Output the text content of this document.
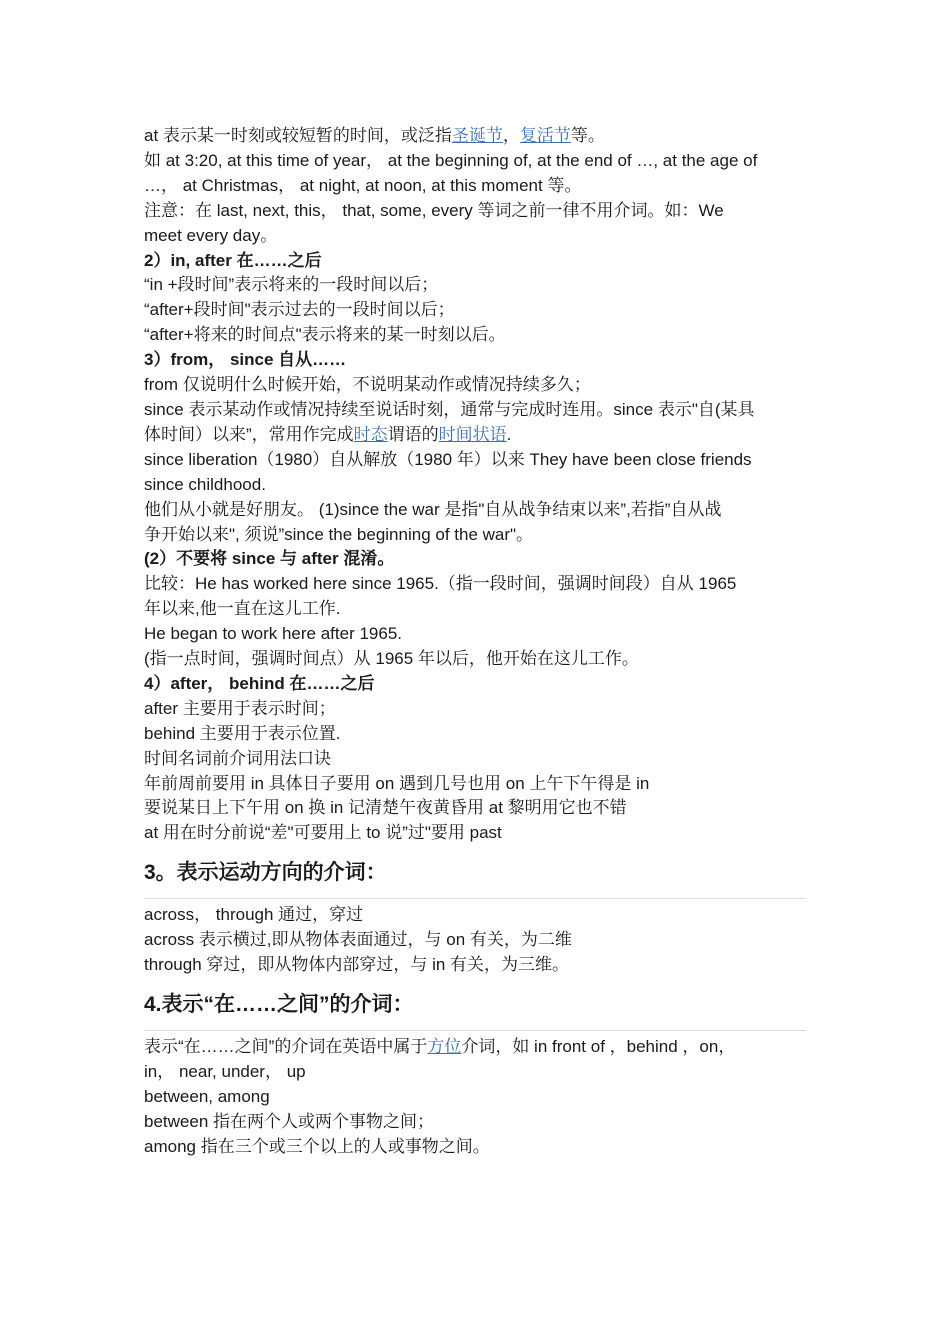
at 表示某一时刻或较短暂的时间，或泛指圣诞节，复活节等。

如 at 3:20, at this time of year， at the beginning of, at the end of …, at the age of

…， at Christmas， at night, at noon, at this moment 等。

注意：在 last, next, this， that, some, every 等词之前一律不用介词。如：We

meet every day。

2）in, after 在……之后

“in +段时间”表示将来的一段时间以后；

“after+段时间"表示过去的一段时间以后；

“after+将来的时间点"表示将来的某一时刻以后。

3）from， since 自从……

from 仅说明什么时候开始，不说明某动作或情况持续多久；

since 表示某动作或情况持续至说话时刻，通常与完成时连用。since 表示"自(某具

体时间）以来”，常用作完成时态谓语的时间状语.

since liberation（1980）自从解放（1980 年）以来 They have been close friends

since childhood.

他们从小就是好朋友。 (1)since the war 是指"自从战争结束以来”,若指”自从战

争开始以来", 须说”since the beginning of the war"。

(2）不要将 since 与 after 混淆。

比较：He has worked here since 1965.（指一段时间，强调时间段）自从 1965

年以来,他一直在这儿工作.

He began to work here after 1965.

(指一点时间，强调时间点）从 1965 年以后，他开始在这儿工作。

4）after， behind 在……之后

after 主要用于表示时间；

behind 主要用于表示位置.

时间名词前介词用法口诀

年前周前要用 in 具体日子要用 on 遇到几号也用 on 上午下午得是 in

要说某日上下午用 on 换 in 记清楚午夜黄昏用 at 黎明用它也不错

at 用在时分前说“差"可要用上 to 说”过"要用 past

3。表示运动方向的介词：

across， through 通过，穿过

across 表示横过,即从物体表面通过，与 on 有关，为二维

through 穿过，即从物体内部穿过，与 in 有关，为三维。

4.表示“在……之间”的介词：

表示“在……之间”的介词在英语中属于方位介词，如 in front of ，behind ，on，

in， near, under， up

between, among

between 指在两个人或两个事物之间；

among 指在三个或三个以上的人或事物之间。
